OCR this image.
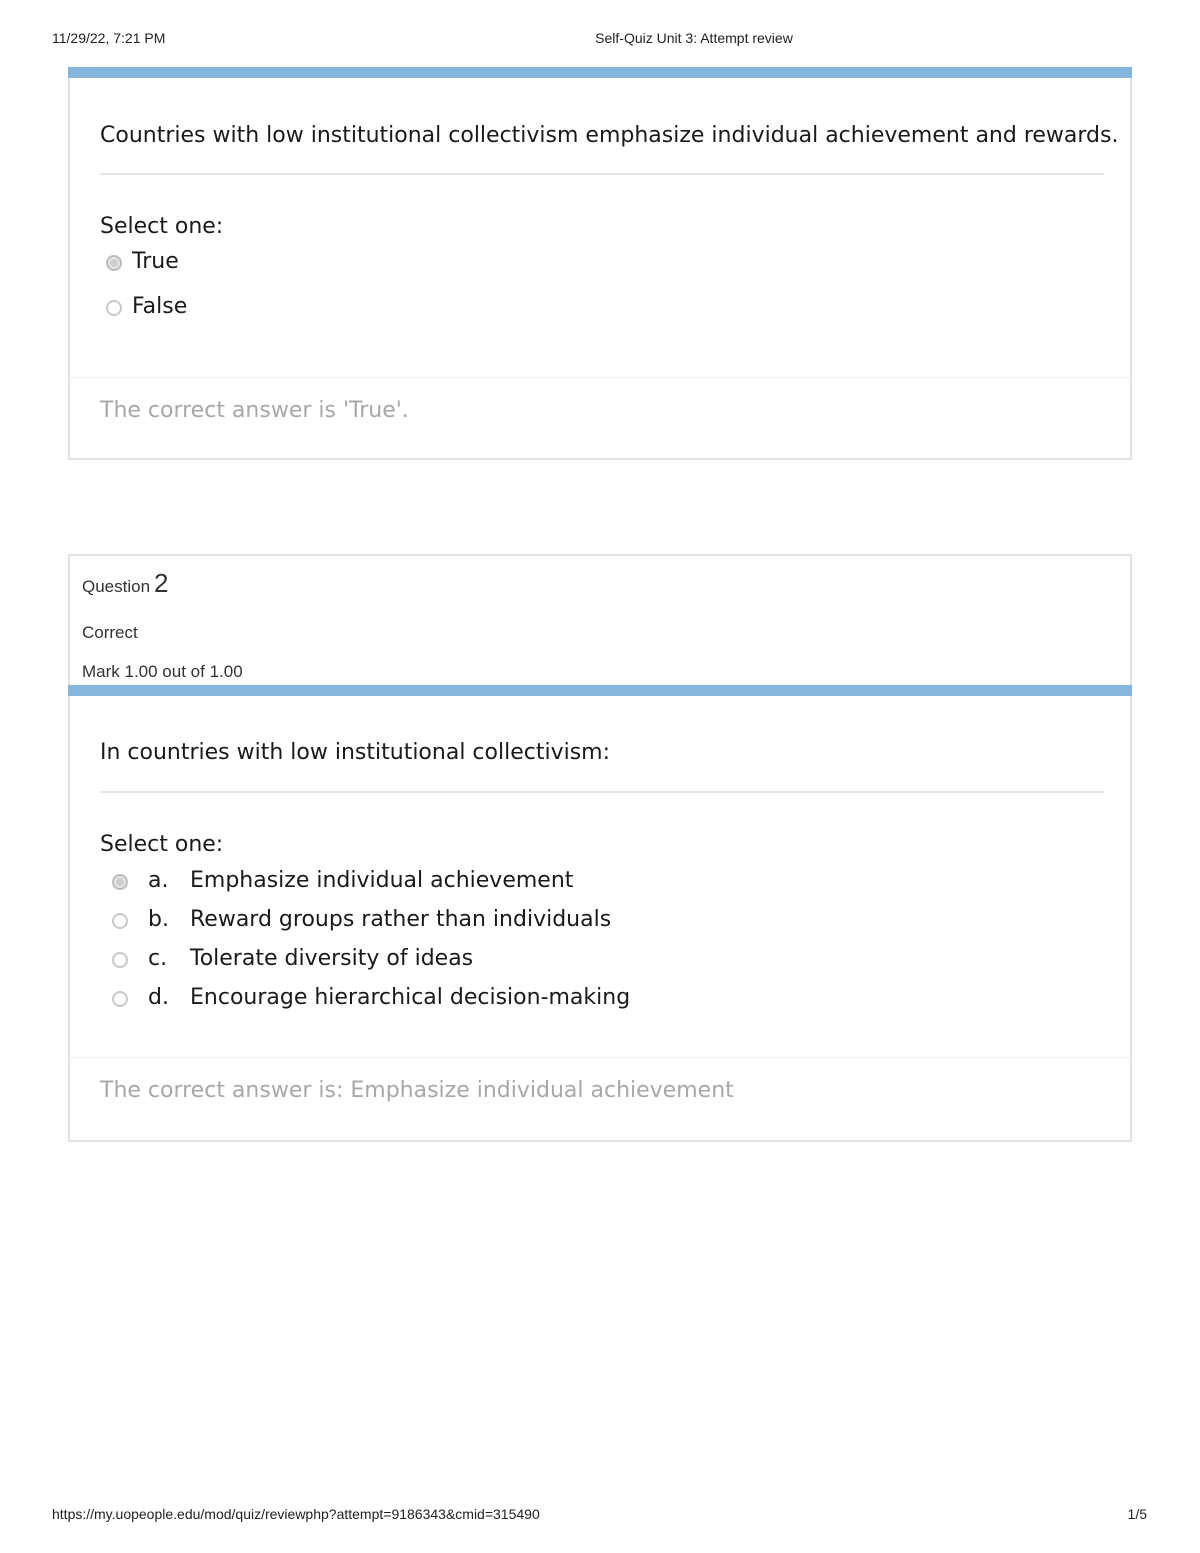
11/29/22, 7:21 PM	Self-Quiz Unit 3: Attempt review
Countries with low institutional collectivism emphasize individual achievement and rewards.
Select one:
True
False
The correct answer is 'True'.
Question 2
Correct
Mark 1.00 out of 1.00
In countries with low institutional collectivism:
Select one:
a. Emphasize individual achievement
b. Reward groups rather than individuals
c. Tolerate diversity of ideas
d. Encourage hierarchical decision-making
The correct answer is: Emphasize individual achievement
https://my.uopeople.edu/mod/quiz/reviewphp?attempt=9186343&cmid=315490	1/5
